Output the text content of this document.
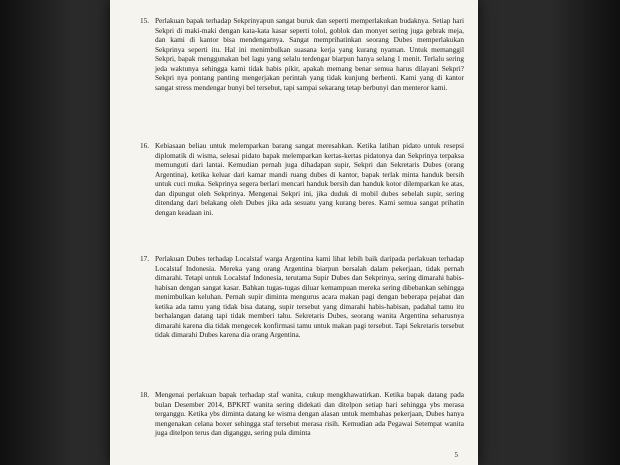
15. Perlakuan bapak terhadap Sekprinyapun sangat buruk dan seperti memperlakukan budaknya. Setiap hari Sekpri di maki-maki dengan kata-kata kasar seperti tolol, goblok dan monyet sering juga gebrak meja, dan kami di kantor bisa mendengarnya. Sangat memprihatinkan seorang Dubes memperlakukan Sekprinya seperti itu. Hal ini menimbulkan suasana kerja yang kurang nyaman. Untuk memanggil Sekpri, bapak menggunakan bel lagu yang selalu terdengar biarpun hanya selang 1 menit. Terlalu sering jeda waktunya sehingga kami tidak habis pikir, apakah memang benar semua harus dilayani Sekpri? Sekpri nya pontang panting mengerjakan perintah yang tidak kunjung berhenti. Kami yang di kantor sangat stress mendengar bunyi bel tersebut, tapi sampai sekarang tetap berbunyi dan menteror kami.
16. Kebiasaan beliau untuk melemparkan barang sangat meresahkan. Ketika latihan pidato untuk resepsi diplomatik di wisma, selesai pidato bapak melemparkan kertas-kertas pidatonya dan Sekprinya terpaksa memunguti dari lantai. Kemudian pernah juga dihadapan supir, Sekpri dan Sekretaris Dubes (orang Argentina), ketika keluar dari kamar mandi ruang dubes di kantor, bapak terlak minta handuk bersih untuk cuci muka. Sekprinya segera berlari mencari handuk bersih dan handuk kotor dilemparkan ke atas, dan dipungut oleh Sekprinya. Mengenai Sekpri ini, jika duduk di mobil dubes sebelah supir, sering ditendang dari belakang oleh Dubes jika ada sesuatu yang kurang beres. Kami semua sangat prihatin dengan keadaan ini.
17. Perlakuan Dubes terhadap Localstaf warga Argentina kami lihat lebih baik daripada perlakuan terhadap Localstaf Indonesia. Mereka yang orang Argentina biarpun bersalah dalam pekerjaan, tidak pernah dimarahi. Tetapi untuk Localstaf Indonesia, terutama Supir Dubes dan Sekprinya, sering dimarahi habis-habisan dengan sangat kasar. Bahkan tugas-tugas diluar kemampuan mereka sering dibebankan sehingga menimbulkan keluhan. Pernah supir diminta mengurus acara makan pagi dengan beberapa pejabat dan ketika ada tamu yang tidak bisa datang, supir tersebut yang dimarahi habis-habisan, padahal tamu itu berhalangan datang tapi tidak memberi tahu. Sekretaris Dubes, seorang wanita Argentina seharusnya dimarahi karena dia tidak mengecek konfirmasi tamu untuk makan pagi tersebut. Tapi Sekretaris tersebut tidak dimarahi Dubes karena dia orang Argentina.
18. Mengenai perlakuan bapak terhadap staf wanita, cukup mengkhawatirkan. Ketika bapak datang pada bulan Desember 2014, BPKRT wanita sering didekati dan ditelpon setiap hari sehingga ybs merasa terganggu. Ketika ybs diminta datang ke wisma dengan alasan untuk membahas pekerjaan, Dubes hanya mengenakan celana boxer sehingga staf tersebut merasa risih. Kemudian ada Pegawai Setempat wanita juga ditelpon terus dan diganggu, sering pula diminta
5
